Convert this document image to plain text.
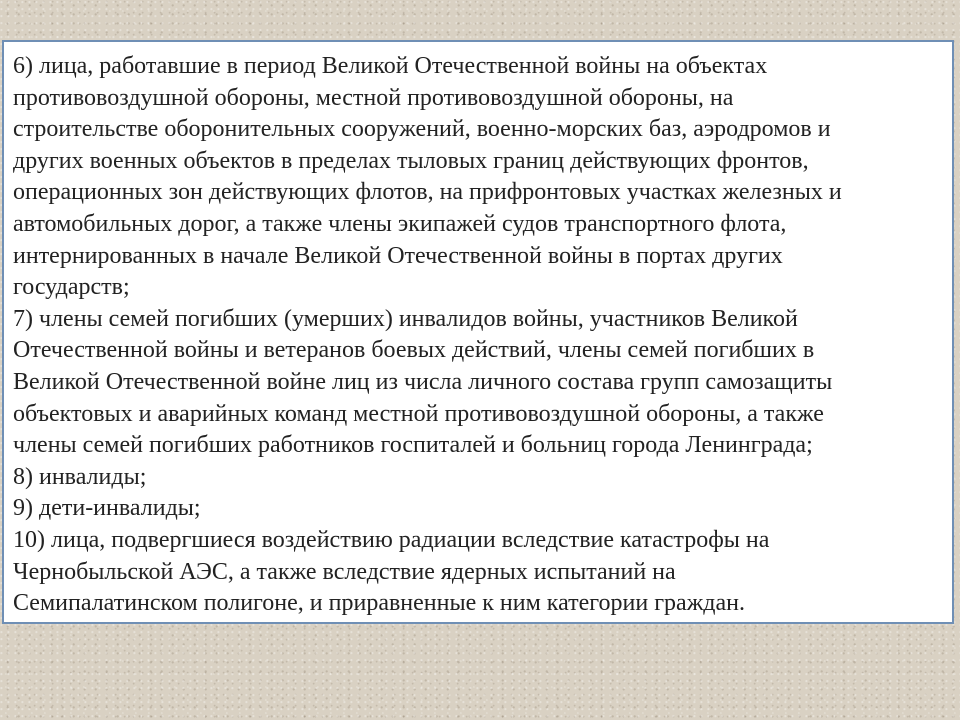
6) лица, работавшие в период Великой Отечественной войны на объектах
противовоздушной обороны, местной противовоздушной обороны, на
строительстве оборонительных сооружений, военно-морских баз, аэродромов и
других военных объектов в пределах тыловых границ действующих фронтов,
операционных зон действующих флотов, на прифронтовых участках железных и
автомобильных дорог, а также члены экипажей судов транспортного флота,
интернированных в начале Великой Отечественной войны в портах других
государств;
7) члены семей погибших (умерших) инвалидов войны, участников Великой
Отечественной войны и ветеранов боевых действий, члены семей погибших в
Великой Отечественной войне лиц из числа личного состава групп самозащиты
объектовых и аварийных команд местной противовоздушной обороны, а также
члены семей погибших работников госпиталей и больниц города Ленинграда;
8) инвалиды;
9) дети-инвалиды;
10) лица, подвергшиеся воздействию радиации вследствие катастрофы на
Чернобыльской АЭС, а также вследствие ядерных испытаний на
Семипалатинском полигоне, и приравненные к ним категории граждан.
